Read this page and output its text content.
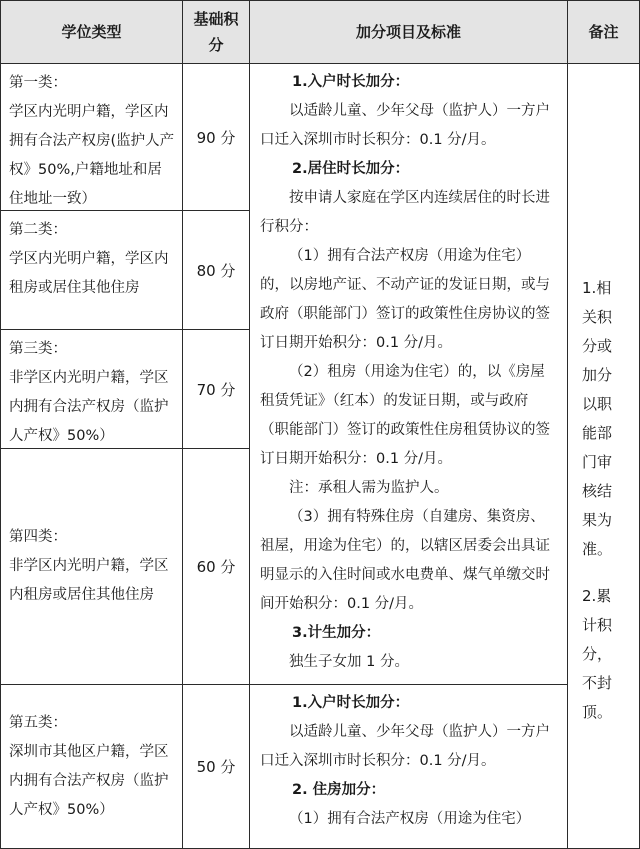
学位类型
基础积分
加分项目及标准	备注
第一类：
学区内光明户籍，学区内拥有合法产权房(监护人产权》50%,户籍地址和居住地址一致）
第二类：
学区内光明户籍，学区内租房或居住其他住房
第三类：
非学区内光明户籍，学区内拥有合法产权房（监护人产权》50%）
第四类：
非学区内光明户籍，学区内租房或居住其他住房
第五类：
深圳市其他区户籍，学区内拥有合法产权房（监护人产权》50%）
90 分
80 分
70 分
60 分
50 分
1.入户时长加分：
以适龄儿童、少年父母（监护人）一方户口迁入深圳市时长积分：0.1 分/月。
2.居住时长加分：
按申请人家庭在学区内连续居住的时长进行积分：
（1）拥有合法产权房（用途为住宅）的，以房地产证、不动产证的发证日期，或与政府（职能部门）签订的政策性住房协议的签订日期开始积分：0.1 分/月。
（2）租房（用途为住宅）的，以《房屋租赁凭证》（红本）的发证日期，或与政府（职能部门）签订的政策性住房租赁协议的签订日期开始积分：0.1 分/月。
注：承租人需为监护人。
（3）拥有特殊住房（自建房、集资房、祖屋，用途为住宅）的，以辖区居委会出具证明显示的入住时间或水电费单、煤气单缴交时间开始积分：0.1 分/月。
3.计生加分：
独生子女加 1 分。
1.入户时长加分：
以适龄儿童、少年父母（监护人）一方户口迁入深圳市时长积分：0.1 分/月。
2. 住房加分：
（1）拥有合法产权房（用途为住宅）
1.相关积分或加分以职能部门审核结果为准。
2.累计积分，不封顶。
